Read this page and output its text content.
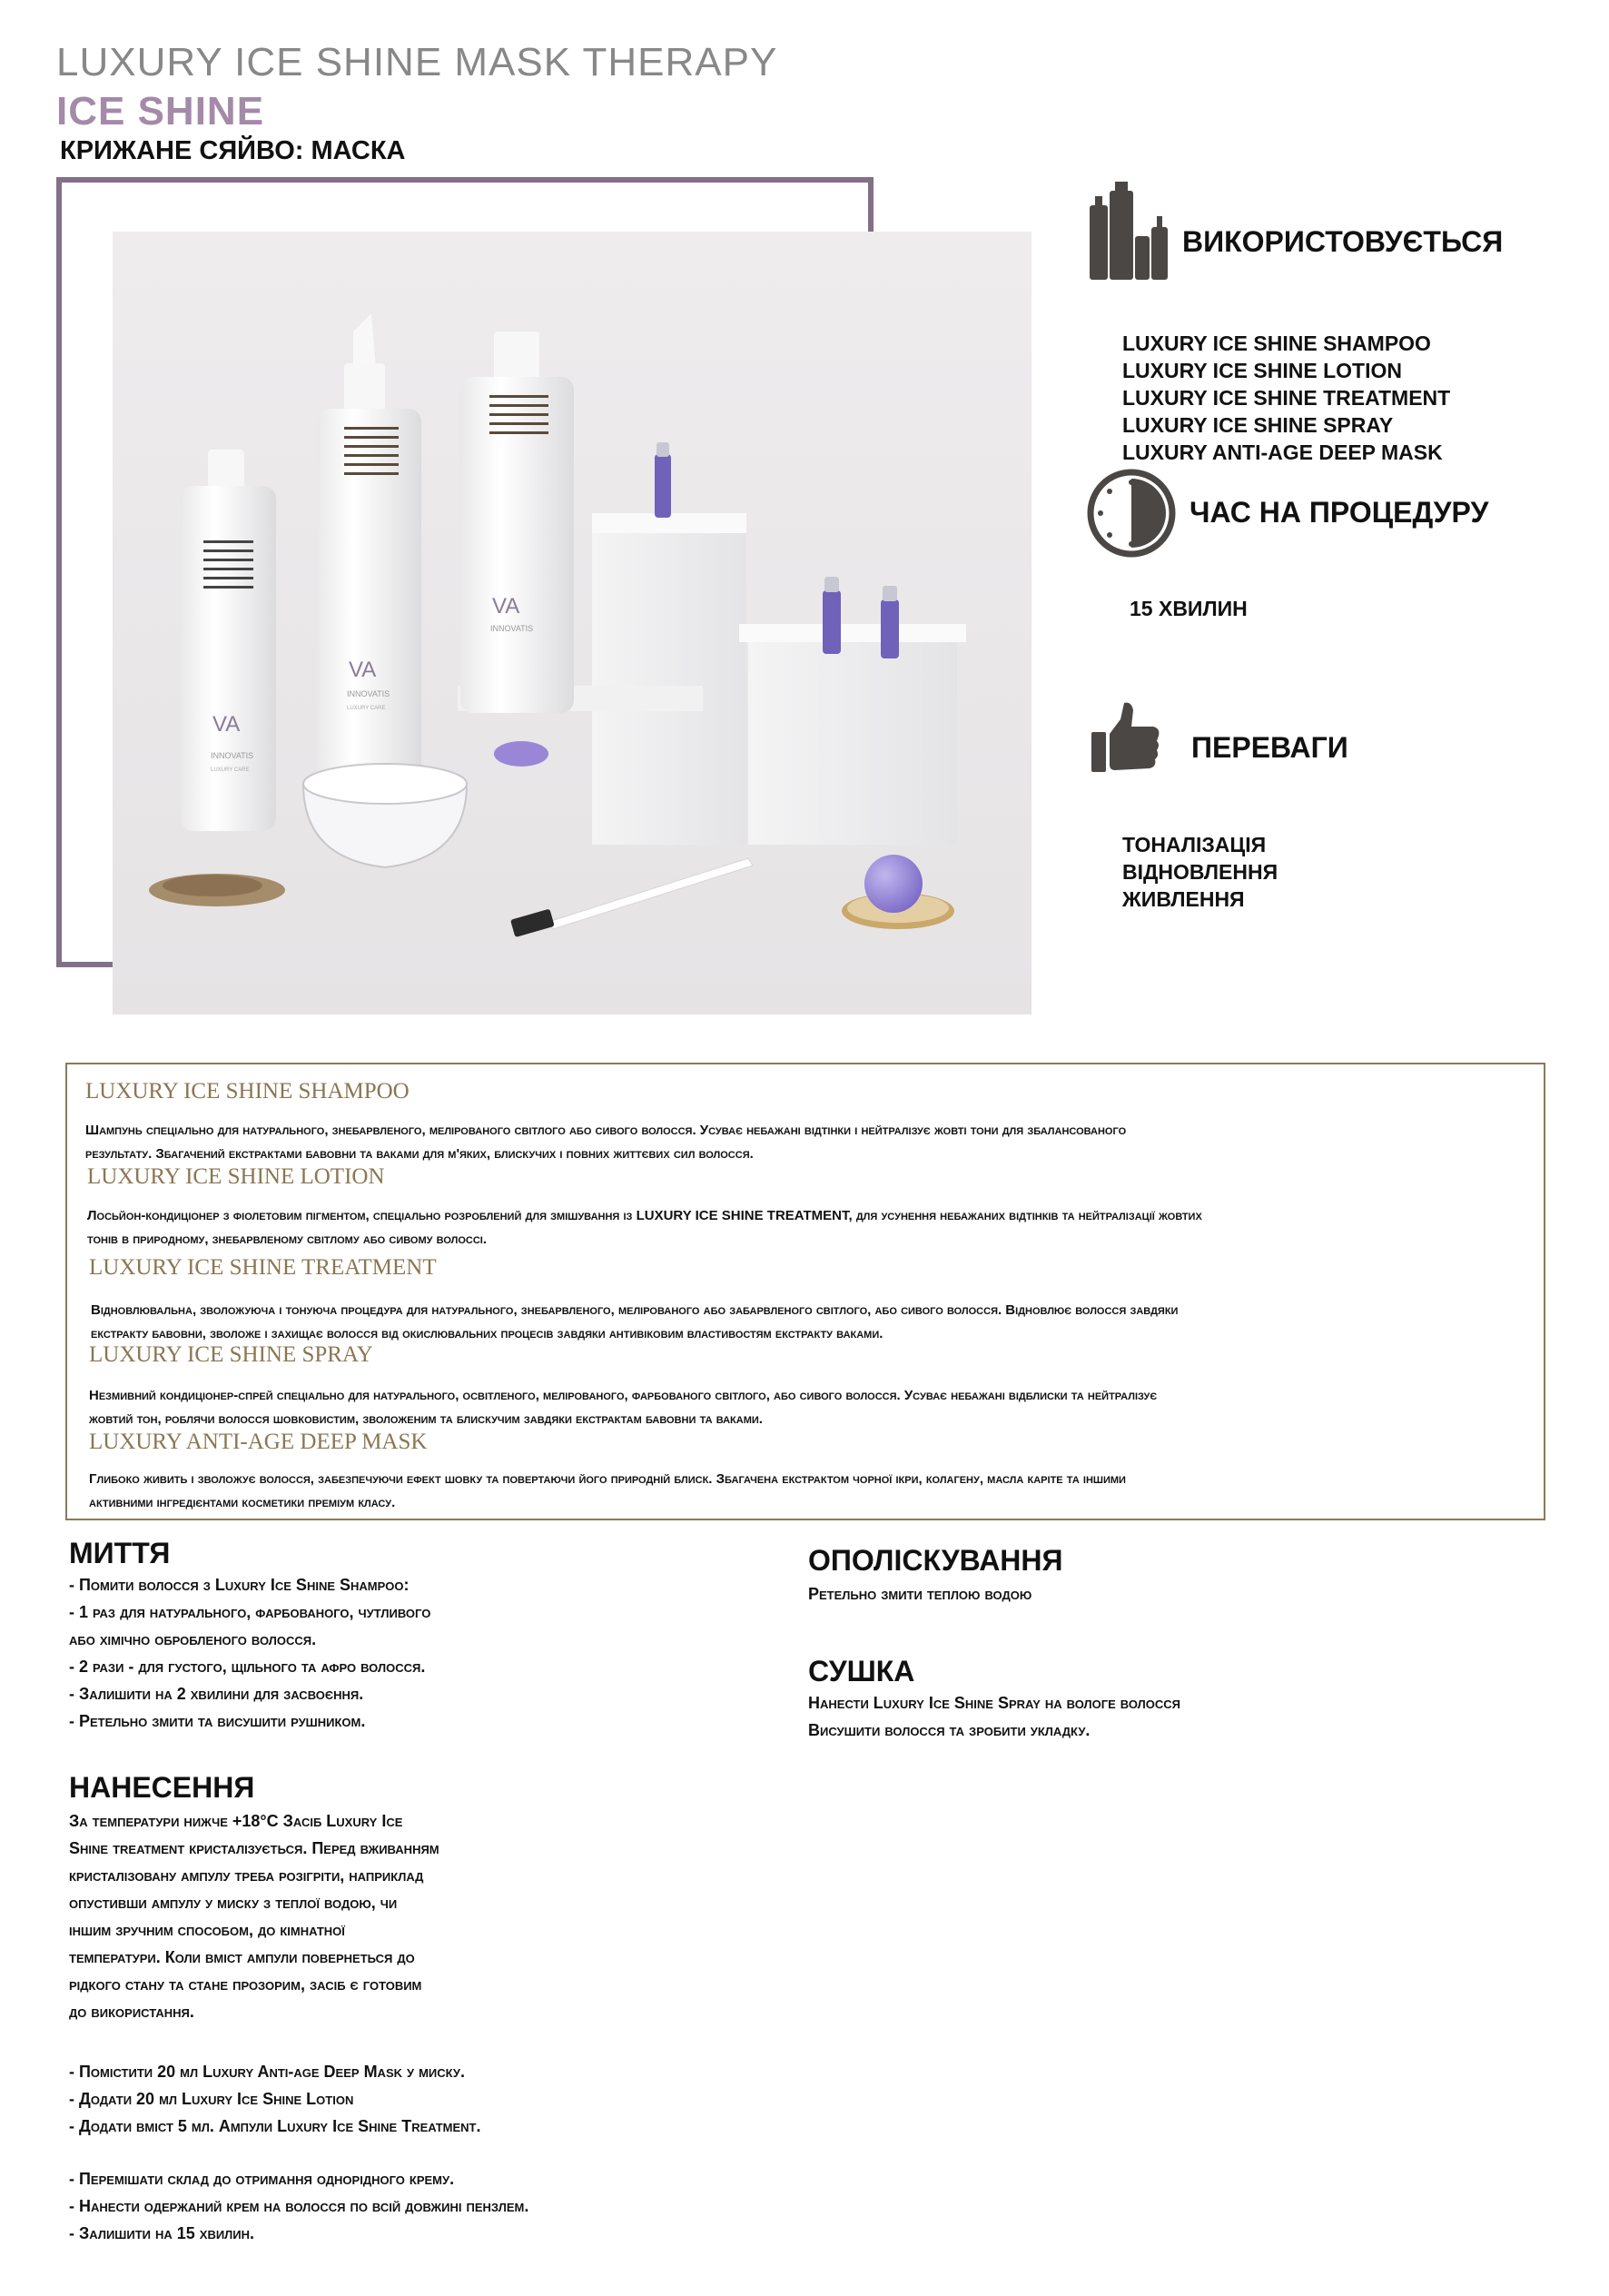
LUXURY ICE SHINE MASK THERAPY
ICE SHINE
КРИЖАНЕ СЯЙВО: МАСКА
VA
INNOVATIS
LUXURY CARE
VA
INNOVATIS
LUXURY CARE
VA
INNOVATIS
ВИКОРИСТОВУЄТЬСЯ
LUXURY ICE SHINE SHAMPOO
LUXURY ICE SHINE LOTION
LUXURY ICE SHINE TREATMENT
LUXURY ICE SHINE SPRAY
LUXURY ANTI-AGE DEEP MASK
ЧАС НА ПРОЦЕДУРУ
15 ХВИЛИН
ПЕРЕВАГИ
ТОНАЛІЗАЦІЯ
ВІДНОВЛЕННЯ
ЖИВЛЕННЯ
LUXURY ICE SHINE SHAMPOO
Шампунь спеціально для натурального, знебарвленого, мелірованого світлого або сивого волосся. Усуває небажані відтінки і нейтралізує жовті тони для збалансованого
результату. Збагачений екстрактами бавовни та ваками для м'яких, блискучих і повних життєвих сил волосся.
LUXURY ICE SHINE LOTION
Лосьйон-кондиціонер з фіолетовим пігментом, спеціально розроблений для змішування із LUXURY ICE SHINE TREATMENT, для усунення небажаних відтінків та нейтралізації жовтих
тонів в природному, знебарвленому світлому або сивому волоссі.
LUXURY ICE SHINE TREATMENT
Відновлювальна, зволожуюча і тонуюча процедура для натурального, знебарвленого, мелірованого або забарвленого світлого, або сивого волосся. Відновлює волосся завдяки
екстракту бавовни, зволоже і захищає волосся від окислювальних процесів завдяки антивіковим властивостям екстракту ваками.
LUXURY ICE SHINE SPRAY
Незмивний кондиціонер-спрей спеціально для натурального, освітленого, мелірованого, фарбованого світлого, або сивого волосся. Усуває небажані відблиски та нейтралізує
жовтий тон, роблячи волосся шовковистим, зволоженим та блискучим завдяки екстрактам бавовни та ваками.
LUXURY ANTI-AGE DEEP MASK
Глибоко живить і зволожує волосся, забезпечуючи ефект шовку та повертаючи його природній блиск. Збагачена екстрактом чорної ікри, колагену, масла каріте та іншими
активними інгредієнтами косметики преміум класу.
МИТТЯ
- Помити волосся з Luxury Ice Shine Shampoo:
- 1 раз для натурального, фарбованого, чутливого
або хімічно обробленого волосся.
- 2 рази - для густого, щільного та афро волосся.
- Залишити на 2 хвилини для засвоєння.
- Ретельно змити та висушити рушником.
НАНЕСЕННЯ
За температури нижче +18°С Засіб Luxury Ice
Shine treatment кристалізується. Перед вживанням
кристалізовану ампулу треба розігріти, наприклад
опустивши ампулу у миску з теплої водою, чи
іншим зручним способом, до кімнатної
температури. Коли вміст ампули повернеться до
рідкого стану та стане прозорим, засіб є готовим
до використання.
- Помістити 20 мл Luxury Anti-age Deep Mask у миску.
- Додати 20 мл Luxury Ice Shine Lotion
- Додати вміст 5 мл. Ампули Luxury Ice Shine Treatment.
- Перемішати склад до отримання однорідного крему.
- Нанести одержаний крем на волосся по всій довжині пензлем.
- Залишити на 15 хвилин.
ОПОЛІСКУВАННЯ
Ретельно змити теплою водою
СУШКА
Нанести Luxury Ice Shine Spray на вологе волосся
Висушити волосся та зробити укладку.
